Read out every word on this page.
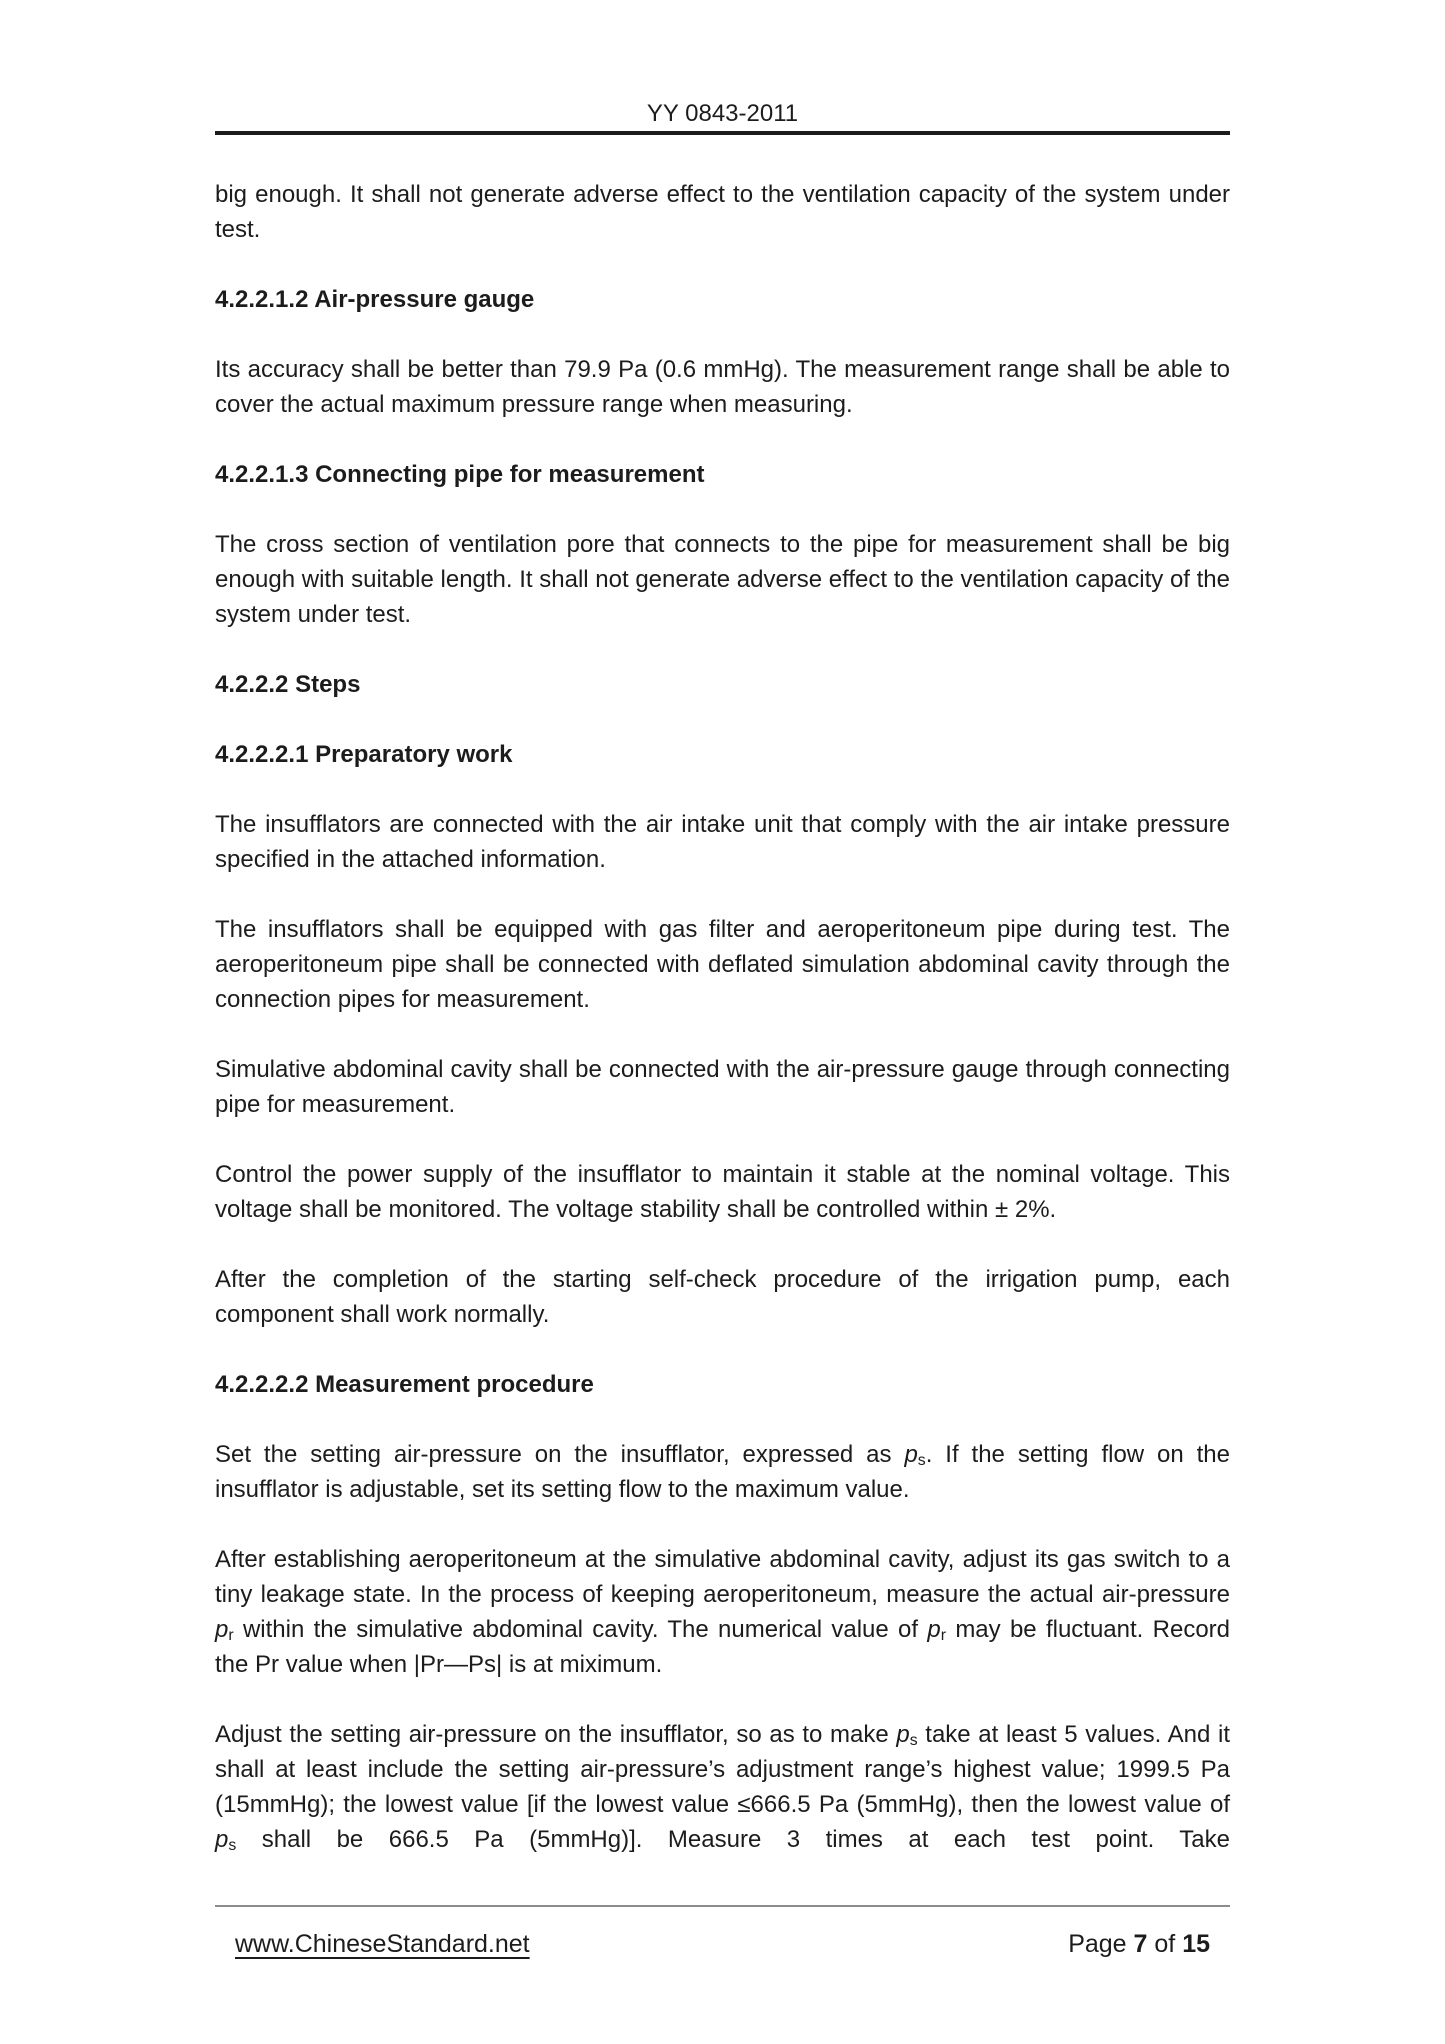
YY 0843-2011

big enough. It shall not generate adverse effect to the ventilation capacity of the system under test.

4.2.2.1.2 Air-pressure gauge

Its accuracy shall be better than 79.9 Pa (0.6 mmHg). The measurement range shall be able to cover the actual maximum pressure range when measuring.

4.2.2.1.3 Connecting pipe for measurement

The cross section of ventilation pore that connects to the pipe for measurement shall be big enough with suitable length. It shall not generate adverse effect to the ventilation capacity of the system under test.

4.2.2.2 Steps
4.2.2.2.1 Preparatory work

The insufflators are connected with the air intake unit that comply with the air intake pressure specified in the attached information.

The insufflators shall be equipped with gas filter and aeroperitoneum pipe during test. The aeroperitoneum pipe shall be connected with deflated simulation abdominal cavity through the connection pipes for measurement.

Simulative abdominal cavity shall be connected with the air-pressure gauge through connecting pipe for measurement.

Control the power supply of the insufflator to maintain it stable at the nominal voltage. This voltage shall be monitored. The voltage stability shall be controlled within ± 2%.

After the completion of the starting self-check procedure of the irrigation pump, each component shall work normally.

4.2.2.2.2 Measurement procedure

Set the setting air-pressure on the insufflator, expressed as ps. If the setting flow on the insufflator is adjustable, set its setting flow to the maximum value.

After establishing aeroperitoneum at the simulative abdominal cavity, adjust its gas switch to a tiny leakage state. In the process of keeping aeroperitoneum, measure the actual air-pressure pr within the simulative abdominal cavity. The numerical value of pr may be fluctuant. Record the Pr value when |Pr—Ps| is at miximum.

Adjust the setting air-pressure on the insufflator, so as to make ps take at least 5 values. And it shall at least include the setting air-pressure’s adjustment range’s highest value; 1999.5 Pa (15mmHg); the lowest value [if the lowest value ≤666.5 Pa (5mmHg), then the lowest value of ps shall be 666.5 Pa (5mmHg)]. Measure 3 times at each test point. Take

www.ChineseStandard.net	Page 7 of 15
